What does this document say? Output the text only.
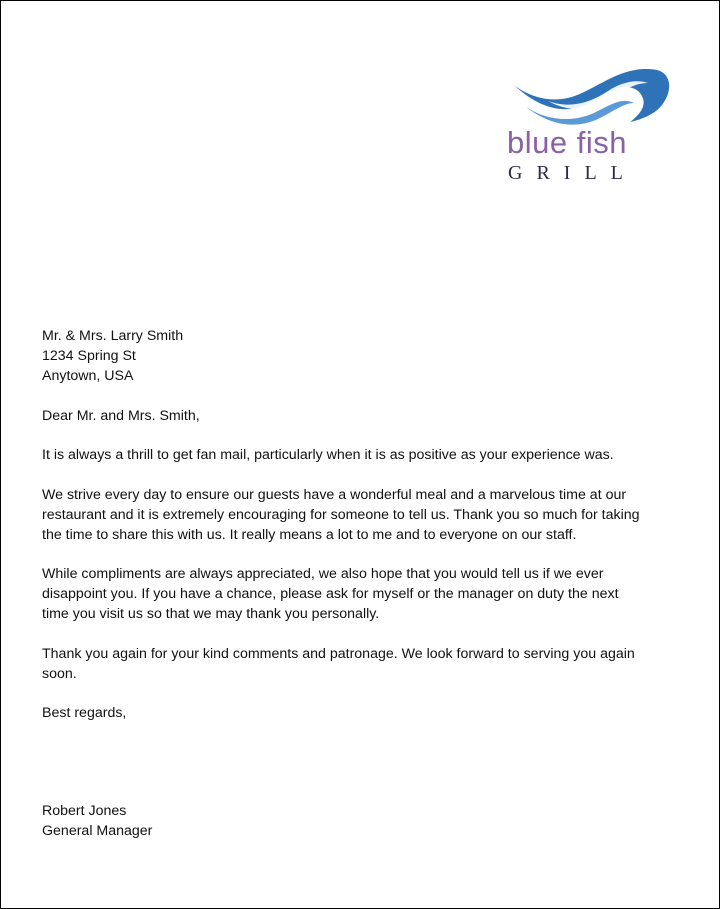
blue fish
GRILL

Mr. & Mrs. Larry Smith
1234 Spring St
Anytown, USA

Dear Mr. and Mrs. Smith,

It is always a thrill to get fan mail, particularly when it is as positive as your experience was.

We strive every day to ensure our guests have a wonderful meal and a marvelous time at our
restaurant and it is extremely encouraging for someone to tell us. Thank you so much for taking
the time to share this with us. It really means a lot to me and to everyone on our staff.

While compliments are always appreciated, we also hope that you would tell us if we ever
disappoint you. If you have a chance, please ask for myself or the manager on duty the next
time you visit us so that we may thank you personally.

Thank you again for your kind comments and patronage. We look forward to serving you again
soon.

Best regards,

Robert Jones
General Manager
